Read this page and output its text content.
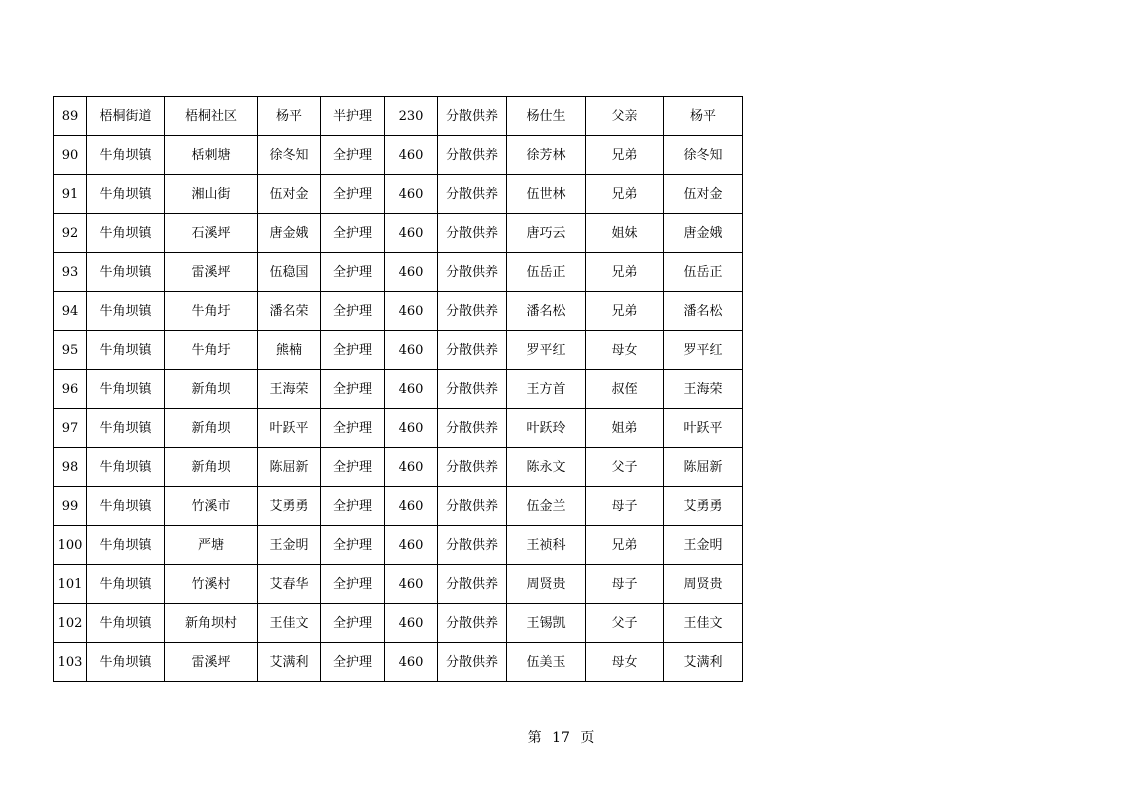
89	梧桐街道	梧桐社区	杨平	半护理	230	分散供养	杨仕生	父亲	杨平
90	牛角坝镇	栝刺塘	徐冬知	全护理	460	分散供养	徐芳林	兄弟	徐冬知
91	牛角坝镇	湘山街	伍对金	全护理	460	分散供养	伍世林	兄弟	伍对金
92	牛角坝镇	石溪坪	唐金娥	全护理	460	分散供养	唐巧云	姐妹	唐金娥
93	牛角坝镇	雷溪坪	伍稳国	全护理	460	分散供养	伍岳正	兄弟	伍岳正
94	牛角坝镇	牛角圩	潘名荣	全护理	460	分散供养	潘名松	兄弟	潘名松
95	牛角坝镇	牛角圩	熊楠	全护理	460	分散供养	罗平红	母女	罗平红
96	牛角坝镇	新角坝	王海荣	全护理	460	分散供养	王方首	叔侄	王海荣
97	牛角坝镇	新角坝	叶跃平	全护理	460	分散供养	叶跃玲	姐弟	叶跃平
98	牛角坝镇	新角坝	陈屈新	全护理	460	分散供养	陈永文	父子	陈屈新
99	牛角坝镇	竹溪市	艾勇勇	全护理	460	分散供养	伍金兰	母子	艾勇勇
100	牛角坝镇	严塘	王金明	全护理	460	分散供养	王祯科	兄弟	王金明
101	牛角坝镇	竹溪村	艾春华	全护理	460	分散供养	周贤贵	母子	周贤贵
102	牛角坝镇	新角坝村	王佳文	全护理	460	分散供养	王锡凯	父子	王佳文
103	牛角坝镇	雷溪坪	艾满利	全护理	460	分散供养	伍美玉	母女	艾满利
第 17 页
